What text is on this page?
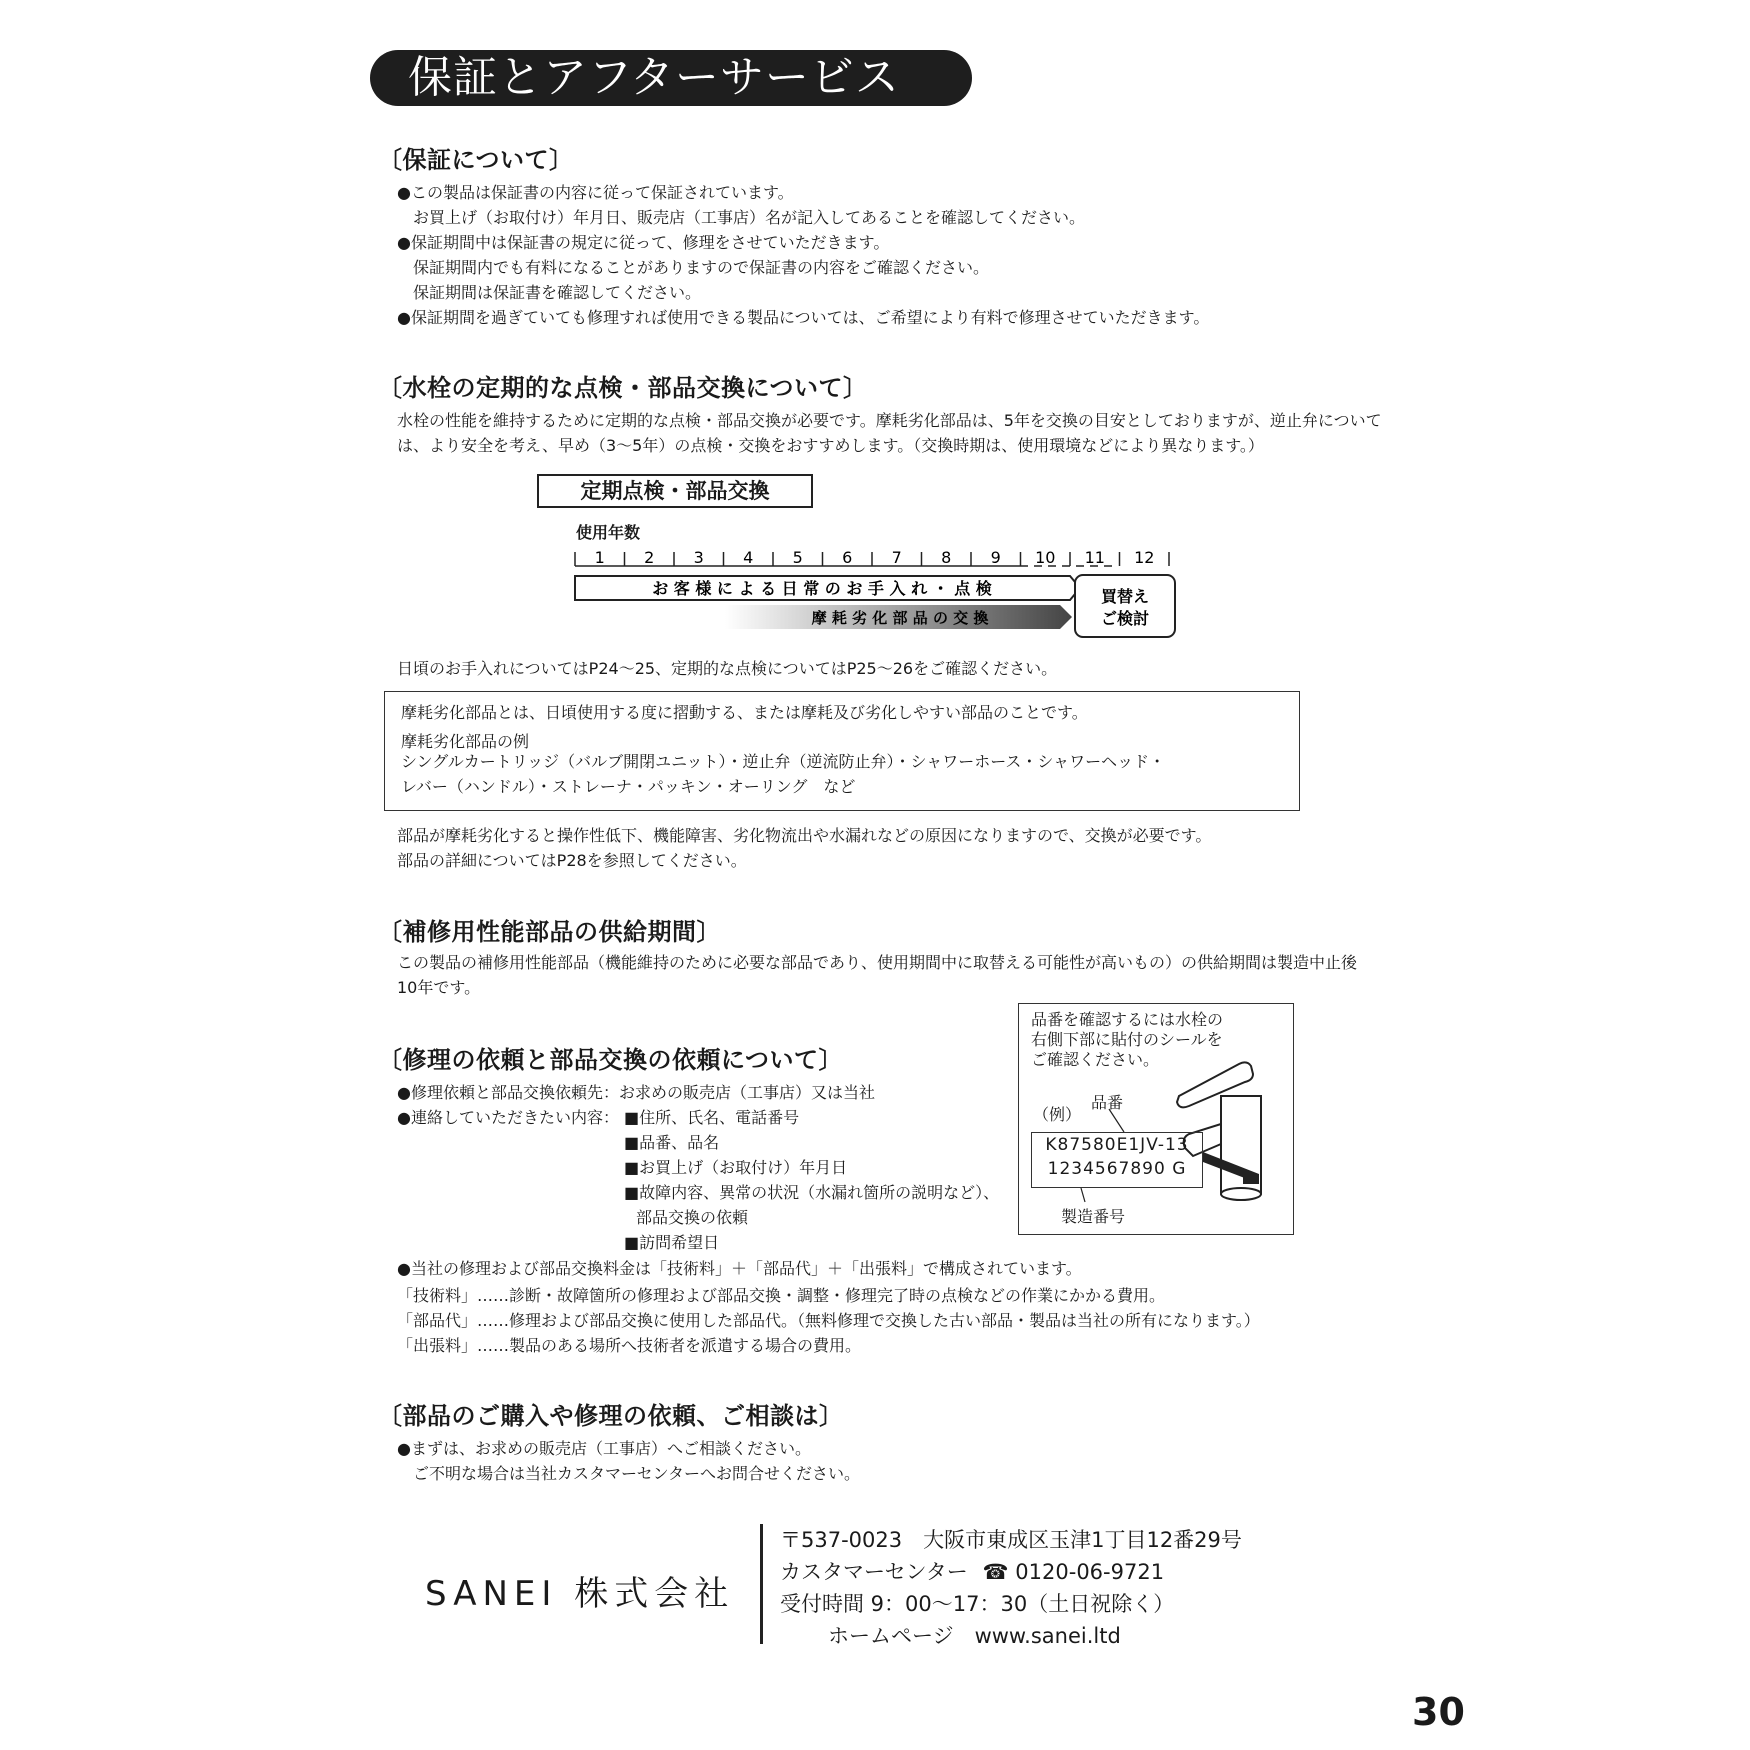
保証とアフターサービス
〔保証について〕
●この製品は保証書の内容に従って保証されています。
お買上げ（お取付け）年月日、販売店（工事店）名が記入してあることを確認してください。
●保証期間中は保証書の規定に従って、修理をさせていただきます。
保証期間内でも有料になることがありますので保証書の内容をご確認ください。
保証期間は保証書を確認してください。
●保証期間を過ぎていても修理すれば使用できる製品については、ご希望により有料で修理させていただきます。
〔水栓の定期的な点検・部品交換について〕
水栓の性能を維持するために定期的な点検・部品交換が必要です。摩耗劣化部品は、5年を交換の目安としておりますが、逆止弁について
は、より安全を考え、早め（3〜5年）の点検・交換をおすすめします。（交換時期は、使用環境などにより異なります。）
定期点検・部品交換
使用年数
1 2 3 4 5 6 7 8 9 10 11 12
お 客 様 に よ る 日 常 の お 手 入 れ ・ 点 検
摩 耗 劣 化 部 品 の 交 換
買替え
ご検討
日頃のお手入れについてはP24〜25、定期的な点検についてはP25〜26をご確認ください。
摩耗劣化部品とは、日頃使用する度に摺動する、または摩耗及び劣化しやすい部品のことです。
摩耗劣化部品の例
シングルカートリッジ（バルブ開閉ユニット）・逆止弁（逆流防止弁）・シャワーホース・シャワーヘッド・
レバー（ハンドル）・ストレーナ・パッキン・オーリング　など
部品が摩耗劣化すると操作性低下、機能障害、劣化物流出や水漏れなどの原因になりますので、交換が必要です。
部品の詳細についてはP28を参照してください。
〔補修用性能部品の供給期間〕
この製品の補修用性能部品（機能維持のために必要な部品であり、使用期間中に取替える可能性が高いもの）の供給期間は製造中止後
10年です。
〔修理の依頼と部品交換の依頼について〕
●修理依頼と部品交換依頼先：お求めの販売店（工事店）又は当社
●連絡していただきたい内容： ■住所、氏名、電話番号
■品番、品名
■お買上げ（お取付け）年月日
■故障内容、異常の状況（水漏れ箇所の説明など）、
部品交換の依頼
■訪問希望日
●当社の修理および部品交換料金は「技術料」＋「部品代」＋「出張料」で構成されています。
「技術料」……診断・故障箇所の修理および部品交換・調整・修理完了時の点検などの作業にかかる費用。
「部品代」……修理および部品交換に使用した部品代。（無料修理で交換した古い部品・製品は当社の所有になります。）
「出張料」……製品のある場所へ技術者を派遣する場合の費用。
品番を確認するには水栓の
右側下部に貼付のシールを
ご確認ください。
（例）
品番
K87580E1JV-13
1234567890 G
製造番号
〔部品のご購入や修理の依頼、ご相談は〕
●まずは、お求めの販売店（工事店）へご相談ください。
ご不明な場合は当社カスタマーセンターへお問合せください。
SANEI 株式会社
〒537-0023　大阪市東成区玉津1丁目12番29号
カスタマーセンター ☎ 0120-06-9721
受付時間 9：00〜17：30（土日祝除く）
ホームページ　www.sanei.ltd
30
